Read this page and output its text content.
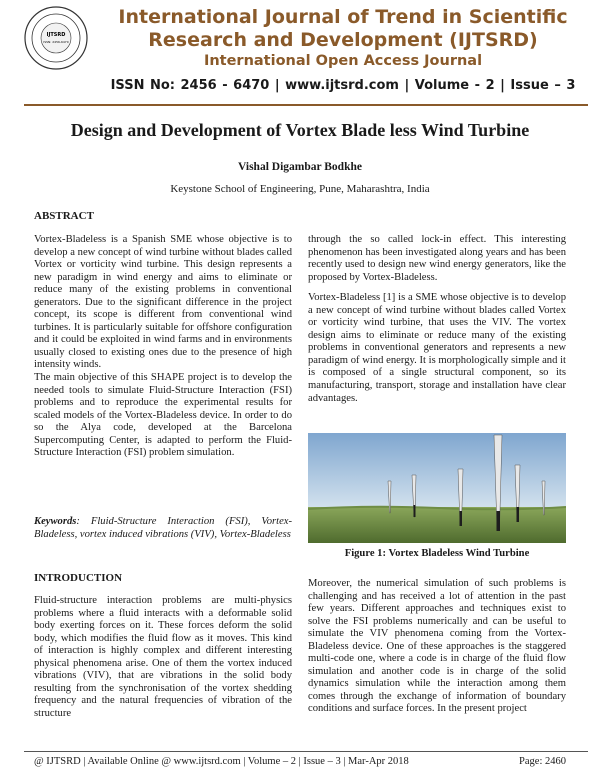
IJTSRD
ISSN: 2456-6470
International Journal of Trend in Scientific Research and Development (IJTSRD)
International Open Access Journal
ISSN No: 2456 - 6470 | www.ijtsrd.com | Volume - 2 | Issue – 3
Design and Development of Vortex Blade less Wind Turbine
Vishal Digambar Bodkhe
Keystone School of Engineering, Pune, Maharashtra, India
ABSTRACT

Vortex-Bladeless is a Spanish SME whose objective is to develop a new concept of wind turbine without blades called Vortex or vorticity wind turbine. This design represents a new paradigm in wind energy and aims to eliminate or reduce many of the existing problems in conventional generators. Due to the significant difference in the project concept, its scope is different from conventional wind turbines. It is particularly suitable for offshore configuration and it could be exploited in wind farms and in environments usually closed to existing ones due to the presence of high intensity winds.

The main objective of this SHAPE project is to develop the needed tools to simulate Fluid-Structure Interaction (FSI) problems and to reproduce the experimental results for scaled models of the Vortex-Bladeless device. In order to do so the Alya code, developed at the Barcelona Supercomputing Center, is adapted to perform the Fluid-Structure Interaction (FSI) problem simulation.

Keywords: Fluid-Structure Interaction (FSI), Vortex-Bladeless, vortex induced vibrations (VIV), Vortex-Bladeless
INTRODUCTION

Fluid-structure interaction problems are multi-physics problems where a fluid interacts with a deformable solid body exerting forces on it. These forces deform the solid body, which modifies the fluid flow as it moves. This kind of interaction is highly complex and different interesting physical phenomena arise. One of them the vortex induced vibrations (VIV), that are vibrations in the solid body resulting from the synchronisation of the vortex shedding frequency and the natural frequencies of vibration of the structure

through the so called lock-in effect. This interesting phenomenon has been investigated along years and has been recently used to design new wind energy generators, like the proposed by Vortex-Bladeless.

Vortex-Bladeless [1] is a SME whose objective is to develop a new concept of wind turbine without blades called Vortex or vorticity wind turbine, that uses the VIV. The vortex design aims to eliminate or reduce many of the existing problems in conventional generators and represents a new paradigm of wind energy. It is morphologically simple and it is composed of a single structural component, so its manufacturing, transport, storage and installation have clear advantages.

Figure 1: Vortex Bladeless Wind Turbine

Moreover, the numerical simulation of such problems is challenging and has received a lot of attention in the past few years. Different approaches and techniques exist to solve the FSI problems numerically and can be useful to simulate the VIV phenomena coming from the Vortex-Bladeless device. One of these approaches is the staggered multi-code one, where a code is in charge of the fluid flow simulation and another code is in charge of the solid dynamics simulation while the interaction among them comes through the exchange of information of boundary conditions and surface forces. In the present project

@ IJTSRD | Available Online @ www.ijtsrd.com | Volume – 2 | Issue – 3 | Mar-Apr 2018	Page: 2460
